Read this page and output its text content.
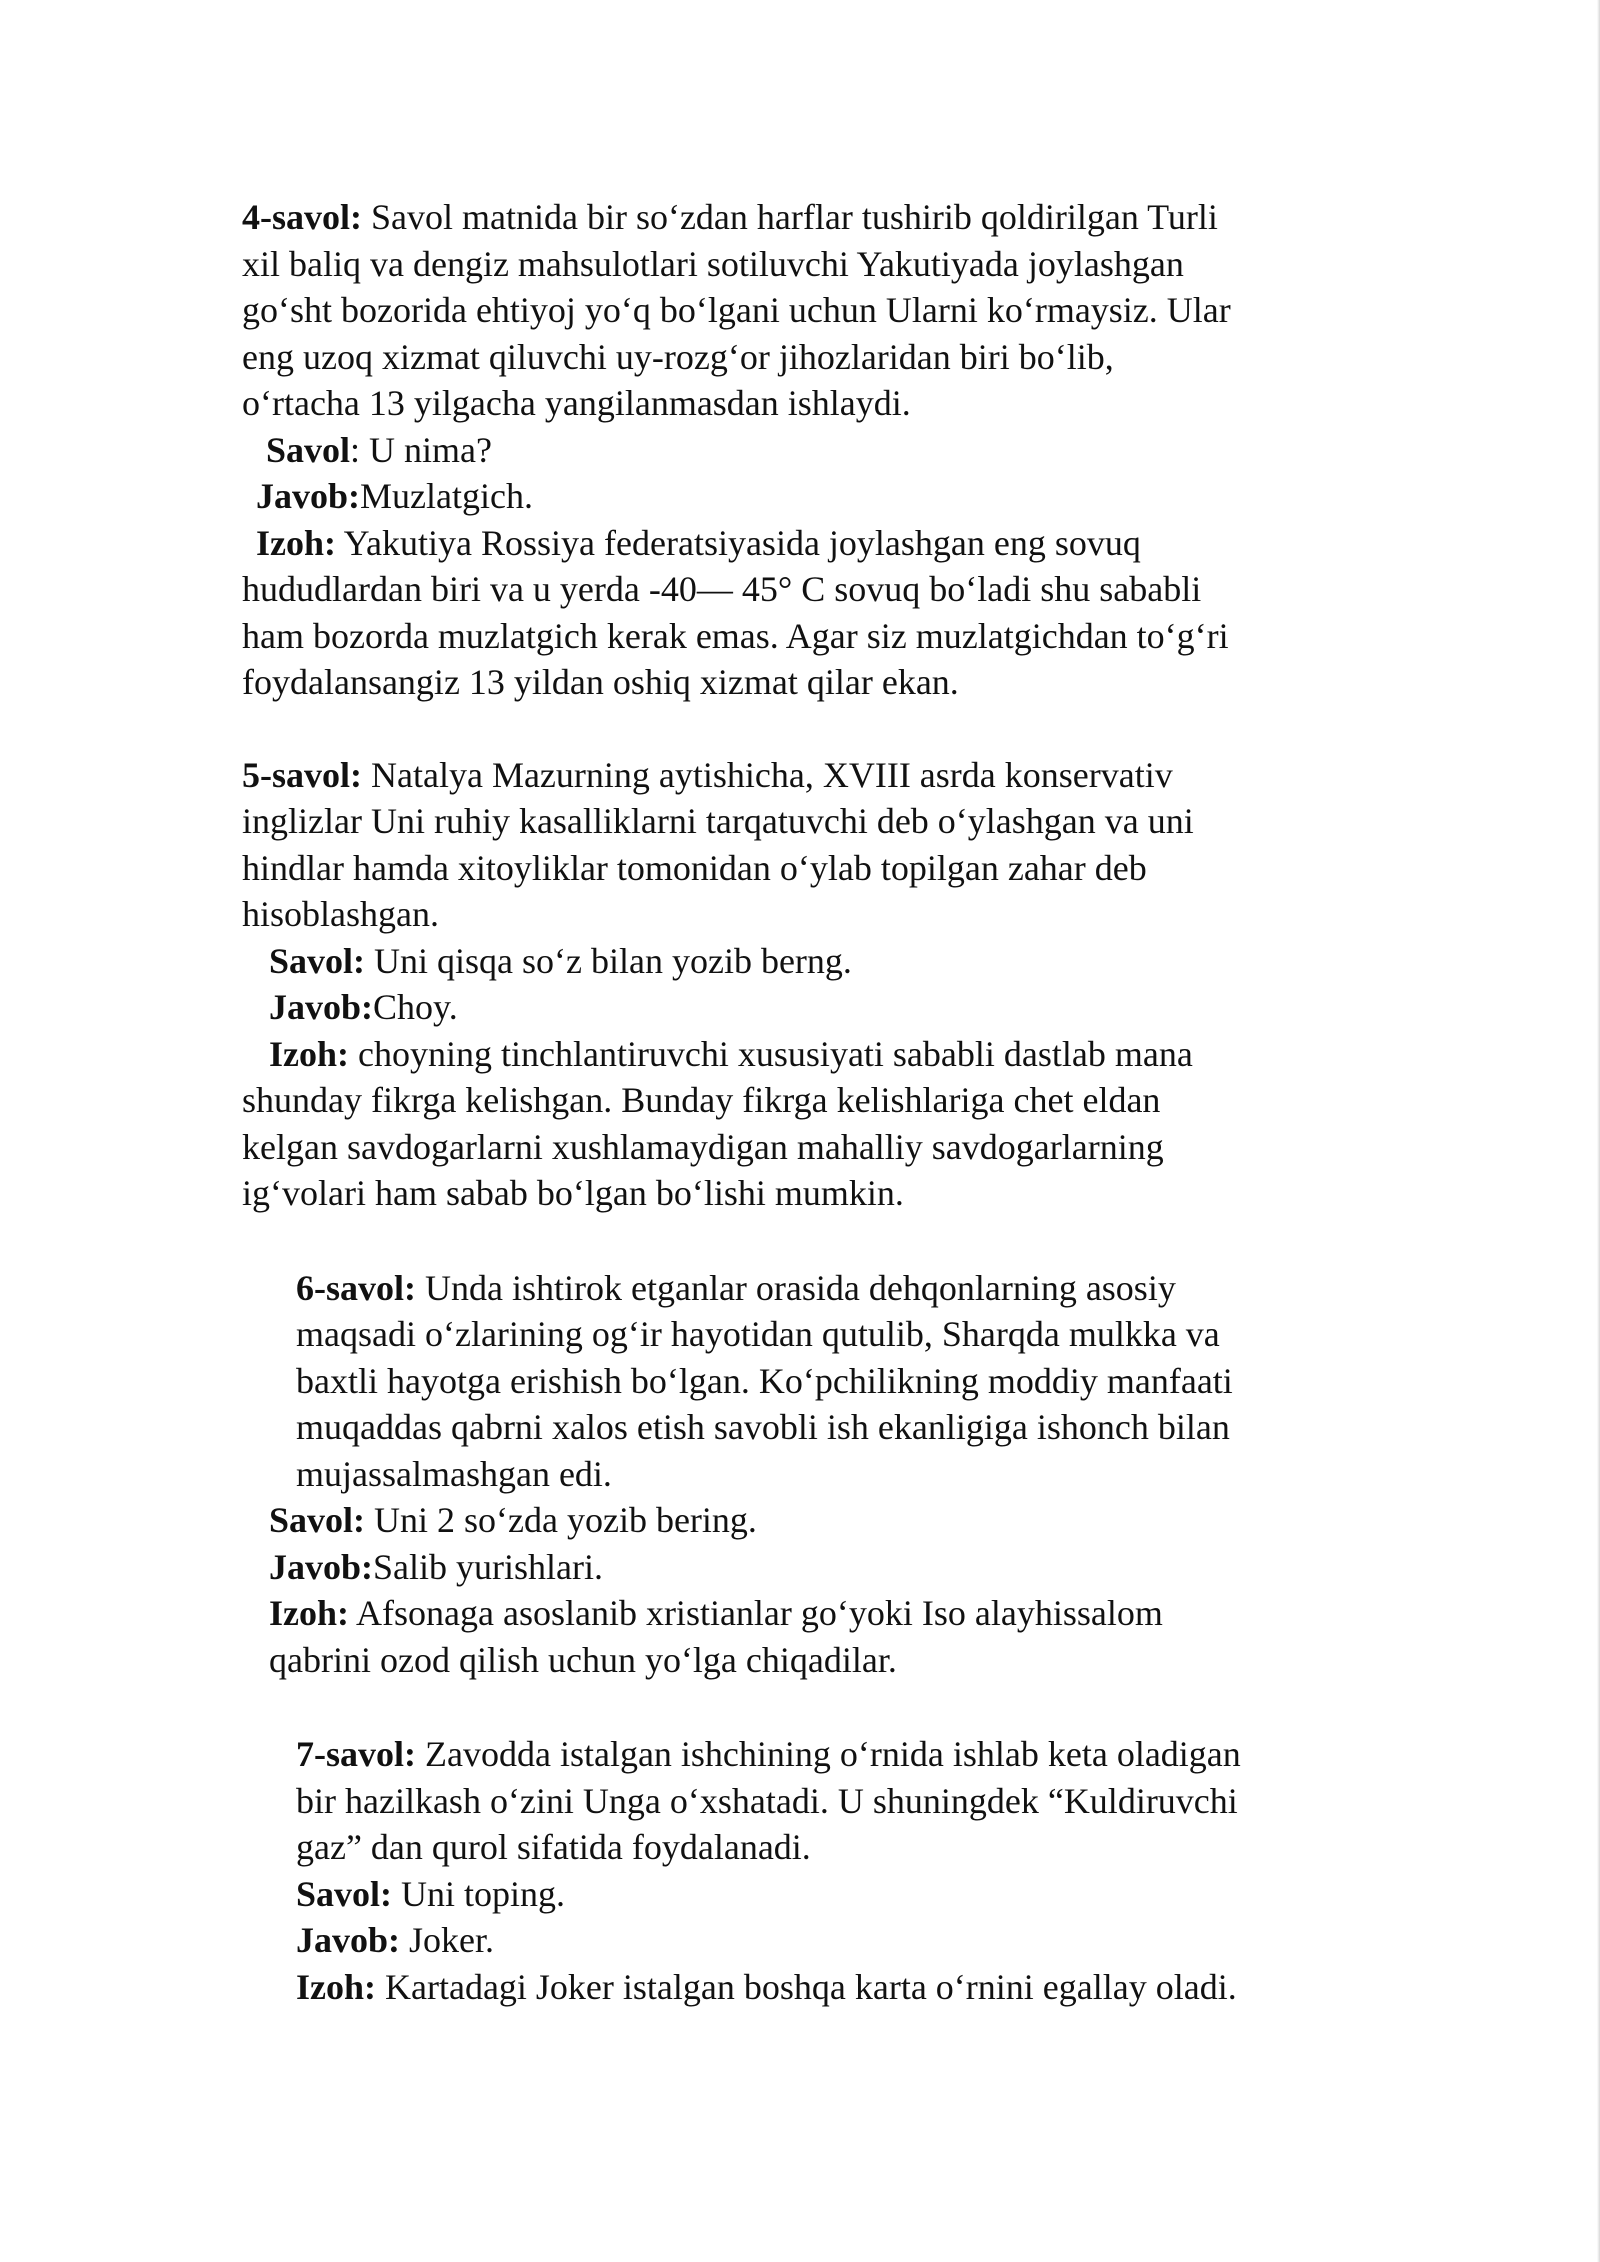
4-savol: Savol matnida bir so‘zdan harflar tushirib qoldirilgan Turli
xil baliq va dengiz mahsulotlari sotiluvchi Yakutiyada joylashgan
go‘sht bozorida ehtiyoj yo‘q bo‘lgani uchun Ularni ko‘rmaysiz. Ular
eng uzoq xizmat qiluvchi uy-rozg‘or jihozlaridan biri bo‘lib,
o‘rtacha 13 yilgacha yangilanmasdan ishlaydi.
Savol: U nima?
Javob:Muzlatgich.
Izoh: Yakutiya Rossiya federatsiyasida joylashgan eng sovuq
hududlardan biri va u yerda -40— 45° C sovuq bo‘ladi shu sababli
ham bozorda muzlatgich kerak emas. Agar siz muzlatgichdan to‘g‘ri
foydalansangiz 13 yildan oshiq xizmat qilar ekan.
5-savol: Natalya Mazurning aytishicha, XVIII asrda konservativ
inglizlar Uni ruhiy kasalliklarni tarqatuvchi deb o‘ylashgan va uni
hindlar hamda xitoyliklar tomonidan o‘ylab topilgan zahar deb
hisoblashgan.
Savol: Uni qisqa so‘z bilan yozib berng.
Javob:Choy.
Izoh: choyning tinchlantiruvchi xususiyati sababli dastlab mana
shunday fikrga kelishgan. Bunday fikrga kelishlariga chet eldan
kelgan savdogarlarni xushlamaydigan mahalliy savdogarlarning
ig‘volari ham sabab bo‘lgan bo‘lishi mumkin.
6-savol: Unda ishtirok etganlar orasida dehqonlarning asosiy
maqsadi o‘zlarining og‘ir hayotidan qutulib, Sharqda mulkka va
baxtli hayotga erishish bo‘lgan. Ko‘pchilikning moddiy manfaati
muqaddas qabrni xalos etish savobli ish ekanligiga ishonch bilan
mujassalmashgan edi.
Savol: Uni 2 so‘zda yozib bering.
Javob:Salib yurishlari.
Izoh: Afsonaga asoslanib xristianlar go‘yoki Iso alayhissalom
qabrini ozod qilish uchun yo‘lga chiqadilar.
7-savol: Zavodda istalgan ishchining o‘rnida ishlab keta oladigan
bir hazilkash o‘zini Unga o‘xshatadi. U shuningdek “Kuldiruvchi
gaz” dan qurol sifatida foydalanadi.
Savol: Uni toping.
Javob: Joker.
Izoh: Kartadagi Joker istalgan boshqa karta o‘rnini egallay oladi.
